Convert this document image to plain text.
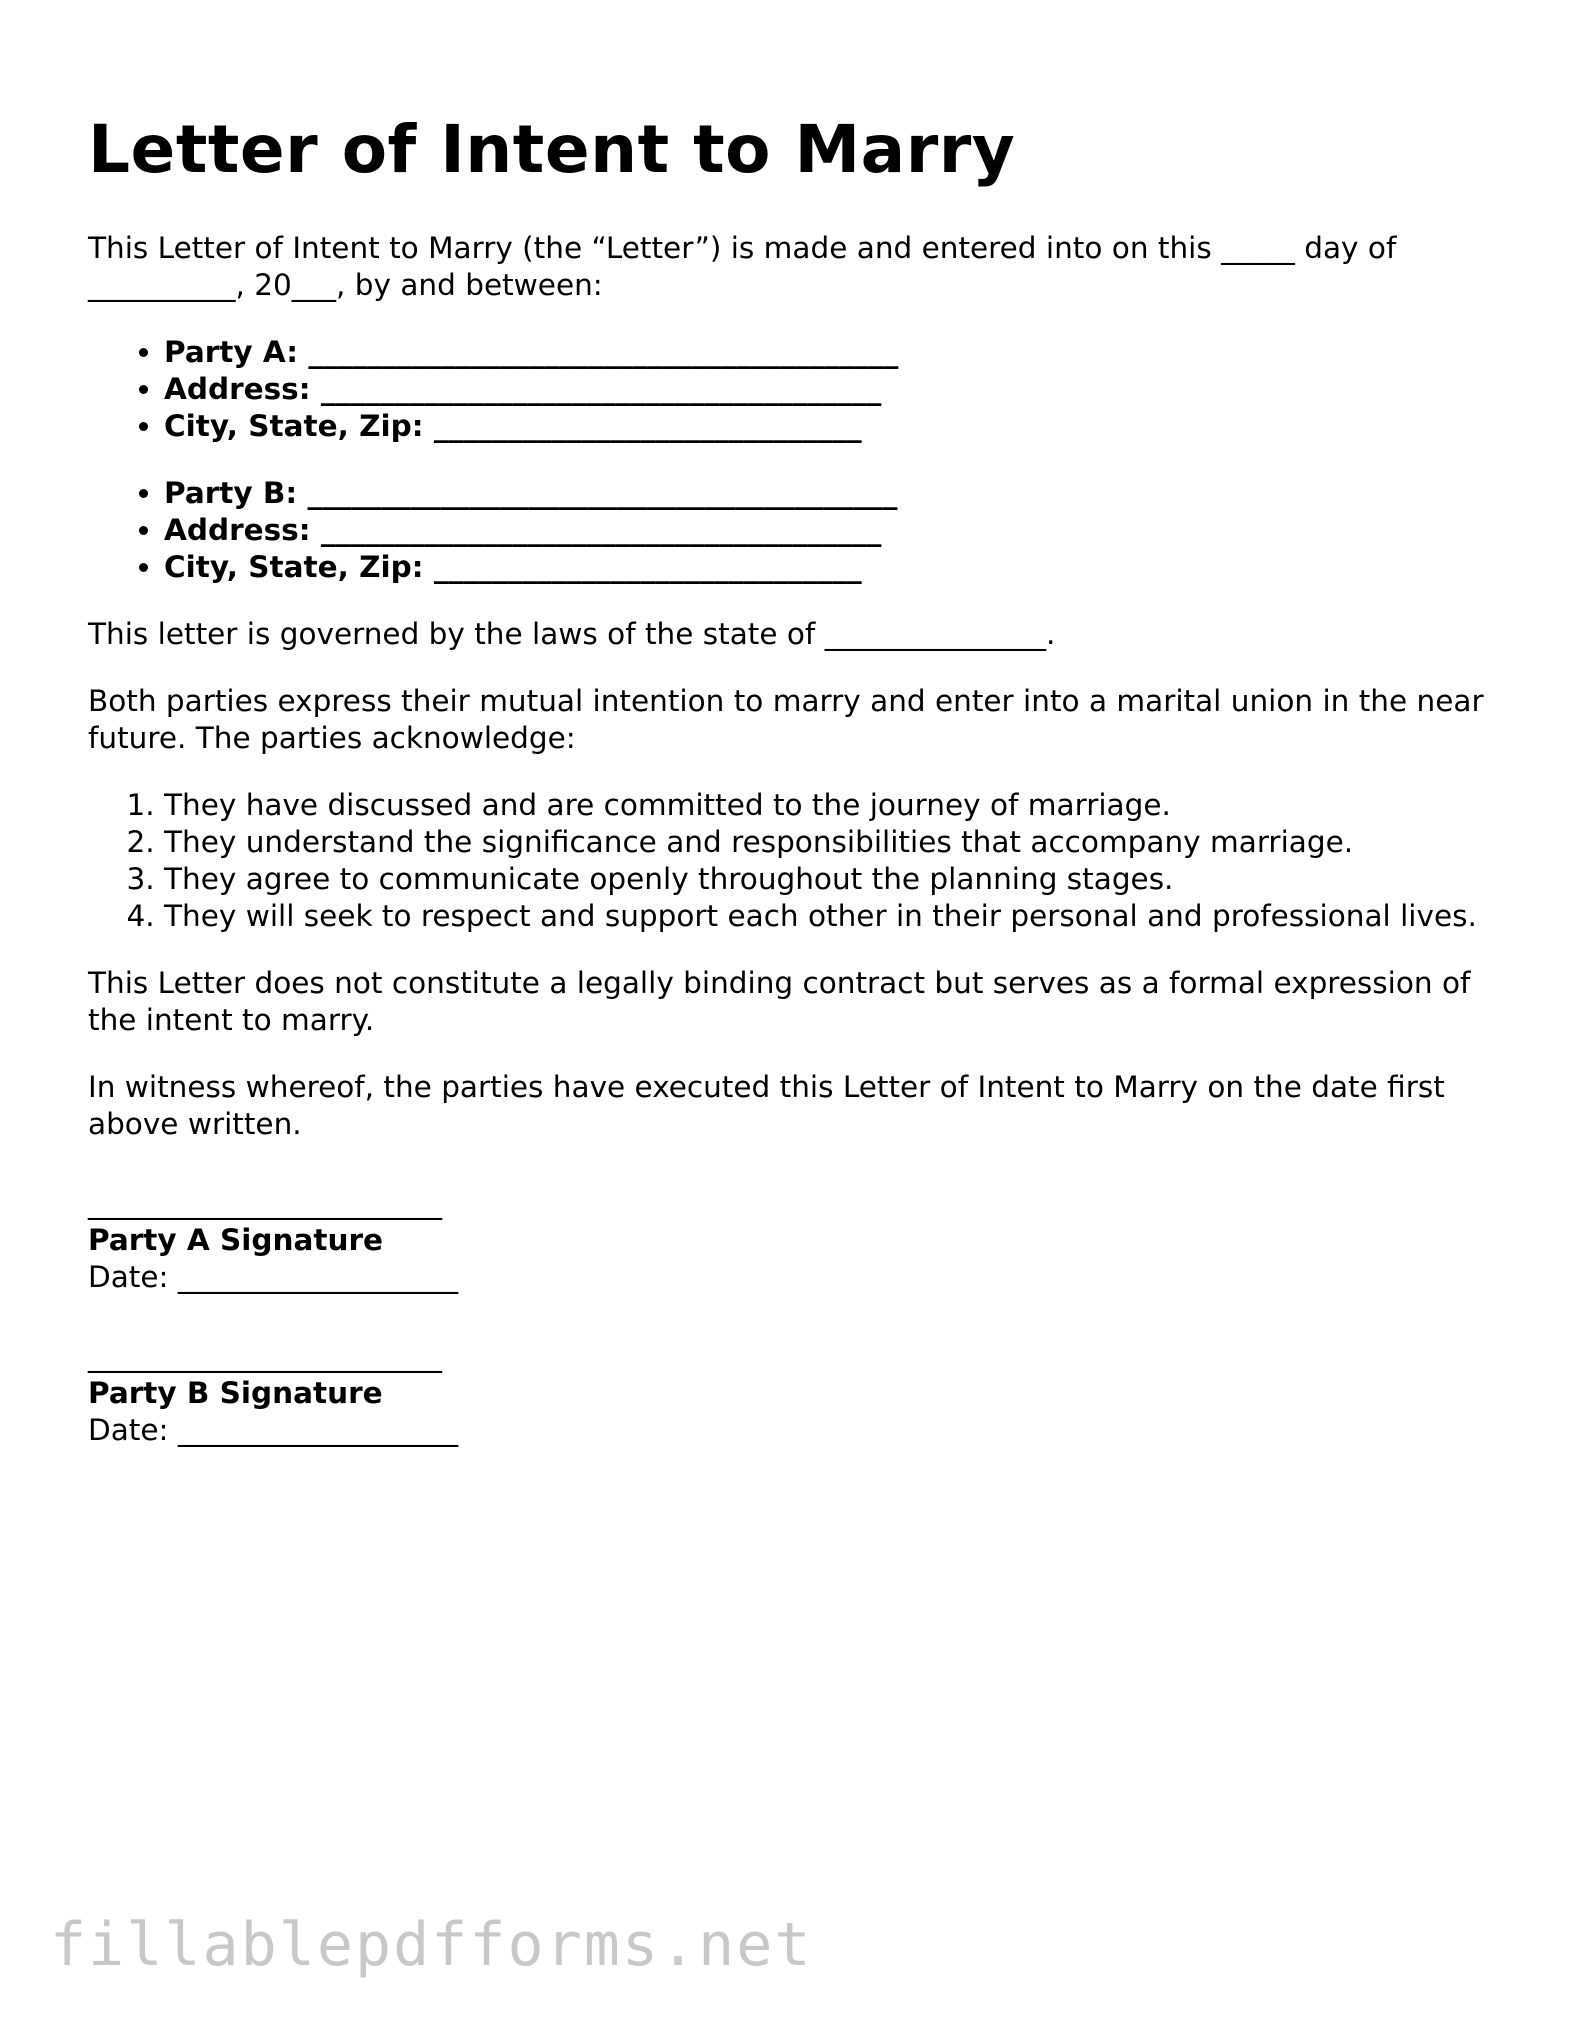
Letter of Intent to Marry

This Letter of Intent to Marry (the “Letter”) is made and entered into on this _____ day of __________, 20___, by and between:

• Party A: ________________________________________
• Address: ______________________________________
• City, State, Zip: _____________________________
• Party B: ________________________________________
• Address: ______________________________________
• City, State, Zip: _____________________________

This letter is governed by the laws of the state of _______________.

Both parties express their mutual intention to marry and enter into a marital union in the near future. The parties acknowledge:

1. They have discussed and are committed to the journey of marriage.
2. They understand the significance and responsibilities that accompany marriage.
3. They agree to communicate openly throughout the planning stages.
4. They will seek to respect and support each other in their personal and professional lives.

This Letter does not constitute a legally binding contract but serves as a formal expression of the intent to marry.

In witness whereof, the parties have executed this Letter of Intent to Marry on the date first above written.

________________________
Party A Signature
Date: ___________________
________________________
Party B Signature
Date: ___________________
fillablepdfforms.net
